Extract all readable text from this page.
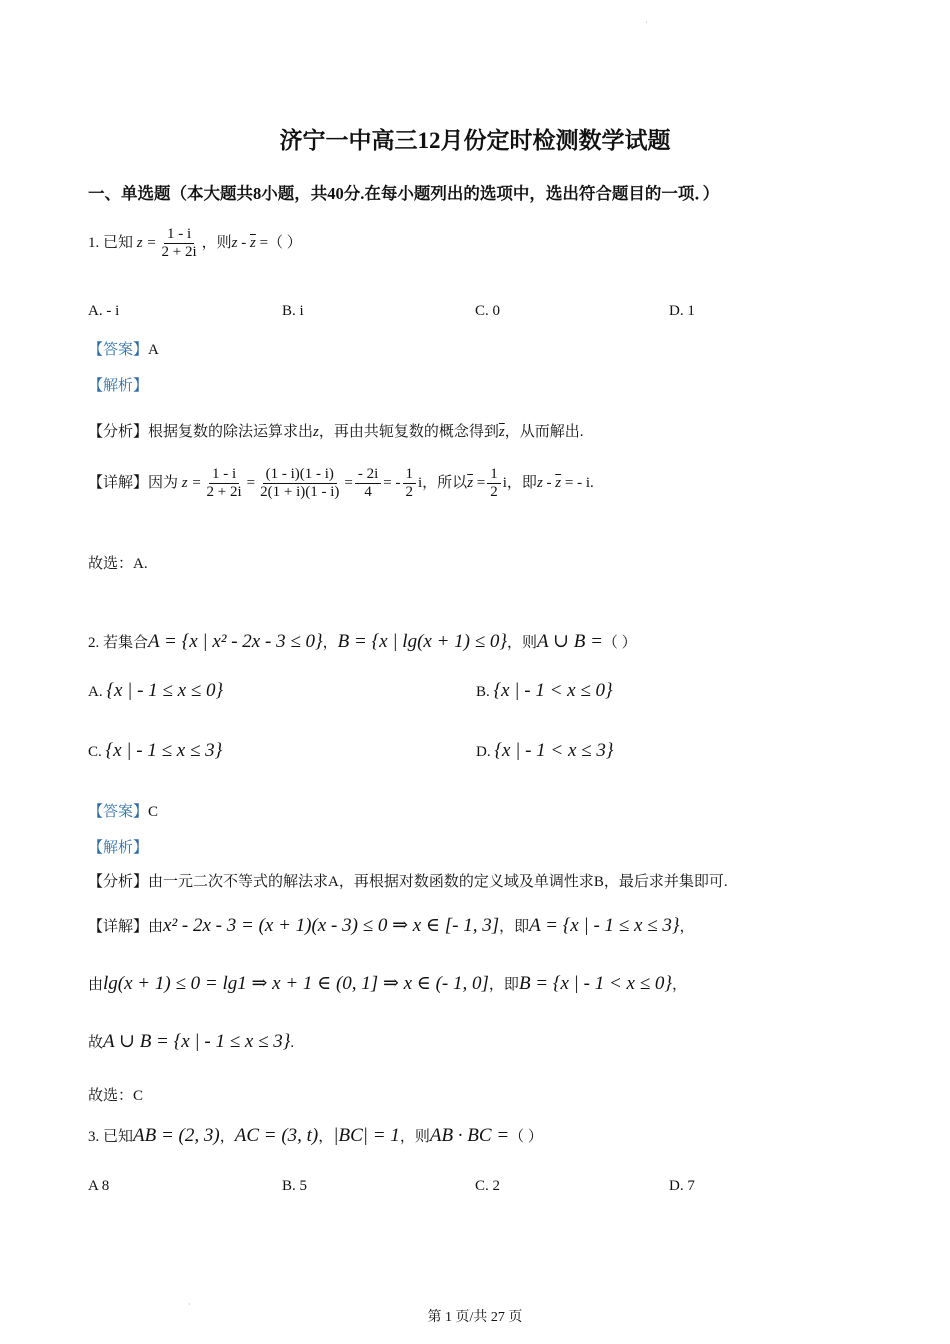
·
济宁一中高三12月份定时检测数学试题
一、单选题（本大题共8小题，共40分.在每小题列出的选项中，选出符合题目的一项．）
1. 已知 $z = \frac{1 - i}{2 + 2i}$ ，则z - $\overline{z}$ =（ ）
A. - i	B. i	C. 0	D. 1
【答案】A
【解析】
【分析】根据复数的除法运算求出z，再由共轭复数的概念得到$\overline{z}$，从而解出.
【详解】因为 $z = \frac{1 - i}{2 + 2i} = \frac{(1 - i)(1 - i)}{2(1 + i)(1 - i)} = \frac{- 2i}{4}$ = - $\frac{1}{2}$ i，所以$\overline{z} = \frac{1}{2}$ i，即z - $\overline{z}$ = - i.
故选：A.
2. 若集合A = {x | x² - 2x - 3 ≤ 0}，B = {x | lg(x + 1) ≤ 0}，则A ∪ B =（ ）
A. {x | - 1 ≤ x ≤ 0}	B. {x | - 1 < x ≤ 0}
C. {x | - 1 ≤ x ≤ 3}	D. {x | - 1 < x ≤ 3}
【答案】C
【解析】
【分析】由一元二次不等式的解法求A，再根据对数函数的定义域及单调性求B，最后求并集即可.
【详解】由x² - 2x - 3 = (x + 1)(x - 3) ≤ 0 ⇒ x ∈ [- 1, 3]，即A = {x | - 1 ≤ x ≤ 3}，
由lg(x + 1) ≤ 0 = lg1 ⇒ x + 1 ∈ (0, 1] ⇒ x ∈ (- 1, 0]，即B = {x | - 1 < x ≤ 0}，
故A ∪ B = {x | - 1 ≤ x ≤ 3}.
故选：C
3. 已知AB = (2, 3)，AC = (3, t)，|BC| = 1，则AB · BC =（ ）
A 8	B. 5	C. 2	D. 7
·
第 1 页/共 27 页
